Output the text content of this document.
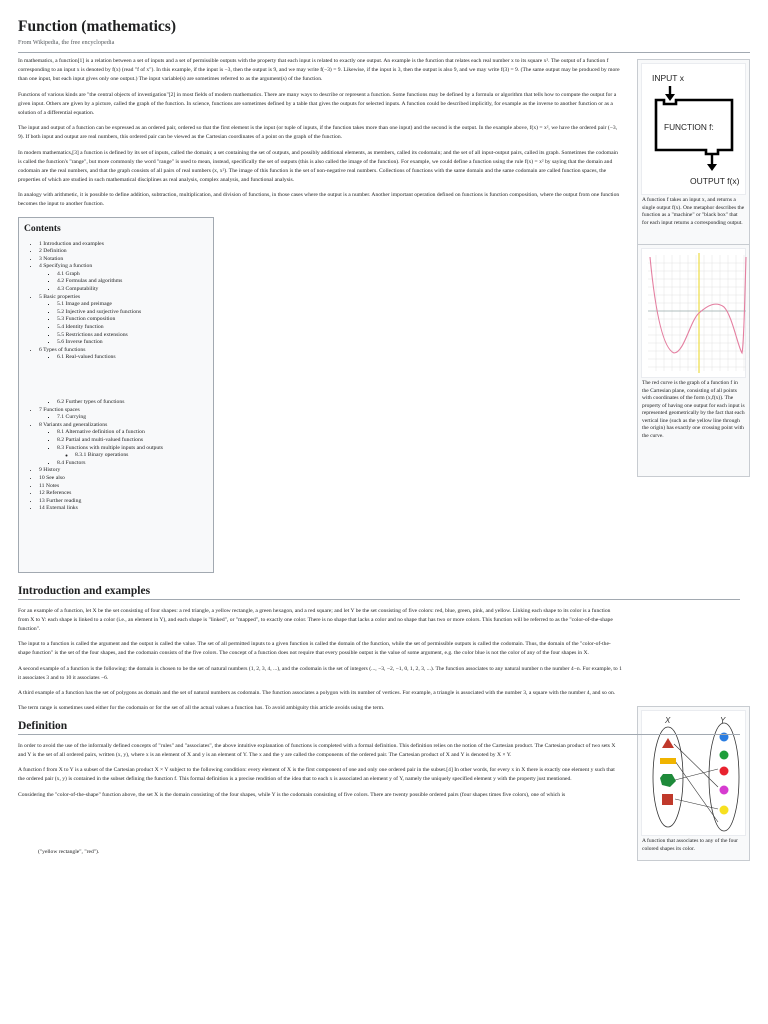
Function (mathematics)
From Wikipedia, the free encyclopedia
INPUT x
FUNCTION f:
OUTPUT f(x)
A function f takes an input x, and returns a single output f(x). One metaphor describes the function as a "machine" or "black box" that for each input returns a corresponding output.
The red curve is the graph of a function f in the Cartesian plane, consisting of all points with coordinates of the form (x,f(x)). The property of having one output for each input is represented geometrically by the fact that each vertical line (such as the yellow line through the origin) has exactly one crossing point with the curve.
X	Y
A function that associates to any of the four colored shapes its color.

In mathematics, a function[1] is a relation between a set of inputs and a set of permissible outputs with the property that each input is related to exactly one output. An example is the function that relates each real number x to its square x². The output of a function f corresponding to an input x is denoted by f(x) (read "f of x"). In this example, if the input is −3, then the output is 9, and we may write f(−3) = 9. Likewise, if the input is 3, then the output is also 9, and we may write f(3) = 9. (The same output may be produced by more than one input, but each input gives only one output.) The input variable(s) are sometimes referred to as the argument(s) of the function.

Functions of various kinds are "the central objects of investigation"[2] in most fields of modern mathematics. There are many ways to describe or represent a function. Some functions may be defined by a formula or algorithm that tells how to compute the output for a given input. Others are given by a picture, called the graph of the function. In science, functions are sometimes defined by a table that gives the outputs for selected inputs. A function could be described implicitly, for example as the inverse to another function or as a solution of a differential equation.

The input and output of a function can be expressed as an ordered pair, ordered so that the first element is the input (or tuple of inputs, if the function takes more than one input) and the second is the output. In the example above, f(x) = x², we have the ordered pair (−3, 9). If both input and output are real numbers, this ordered pair can be viewed as the Cartesian coordinates of a point on the graph of the function.

In modern mathematics,[3] a function is defined by its set of inputs, called the domain; a set containing the set of outputs, and possibly additional elements, as members, called its codomain; and the set of all input-output pairs, called its graph. Sometimes the codomain is called the function's "range", but more commonly the word "range" is used to mean, instead, specifically the set of outputs (this is also called the image of the function). For example, we could define a function using the rule f(x) = x² by saying that the domain and codomain are the real numbers, and that the graph consists of all pairs of real numbers (x, x²). The image of this function is the set of non-negative real numbers. Collections of functions with the same domain and the same codomain are called function spaces, the properties of which are studied in such mathematical disciplines as real analysis, complex analysis, and functional analysis.

In analogy with arithmetic, it is possible to define addition, subtraction, multiplication, and division of functions, in those cases where the output is a number. Another important operation defined on functions is function composition, where the output from one function becomes the input to another function.

Contents
• 1 Introduction and examples
• 2 Definition
• 3 Notation
• 4 Specifying a function
▪ 4.1 Graph
▪ 4.2 Formulas and algorithms
▪ 4.3 Computability
• 5 Basic properties
▪ 5.1 Image and preimage
▪ 5.2 Injective and surjective functions
▪ 5.3 Function composition
▪ 5.4 Identity function
▪ 5.5 Restrictions and extensions
▪ 5.6 Inverse function
• 6 Types of functions
▪ 6.1 Real-valued functions
▪ 6.2 Further types of functions
• 7 Function spaces
▪ 7.1 Currying
• 8 Variants and generalizations
▪ 8.1 Alternative definition of a function
▪ 8.2 Partial and multi-valued functions
▪ 8.3 Functions with multiple inputs and outputs
◦ 8.3.1 Binary operations
▪ 8.4 Functors
• 9 History
• 10 See also
• 11 Notes
• 12 References
• 13 Further reading
• 14 External links
Introduction and examples

For an example of a function, let X be the set consisting of four shapes: a red triangle, a yellow rectangle, a green hexagon, and a red square; and let Y be the set consisting of five colors: red, blue, green, pink, and yellow. Linking each shape to its color is a function from X to Y: each shape is linked to a color (i.e., an element in Y), and each shape is "linked", or "mapped", to exactly one color. There is no shape that lacks a color and no shape that has two or more colors. This function will be referred to as the "color-of-the-shape function".

The input to a function is called the argument and the output is called the value. The set of all permitted inputs to a given function is called the domain of the function, while the set of permissible outputs is called the codomain. Thus, the domain of the "color-of-the-shape function" is the set of the four shapes, and the codomain consists of the five colors. The concept of a function does not require that every possible output is the value of some argument, e.g. the color blue is not the color of any of the four shapes in X.

A second example of a function is the following: the domain is chosen to be the set of natural numbers (1, 2, 3, 4, ...), and the codomain is the set of integers (..., −3, −2, −1, 0, 1, 2, 3, ...). The function associates to any natural number n the number 4−n. For example, to 1 it associates 3 and to 10 it associates −6.

A third example of a function has the set of polygons as domain and the set of natural numbers as codomain. The function associates a polygon with its number of vertices. For example, a triangle is associated with the number 3, a square with the number 4, and so on.

The term range is sometimes used either for the codomain or for the set of all the actual values a function has. To avoid ambiguity this article avoids using the term.

Definition

In order to avoid the use of the informally defined concepts of "rules" and "associates", the above intuitive explanation of functions is completed with a formal definition. This definition relies on the notion of the Cartesian product. The Cartesian product of two sets X and Y is the set of all ordered pairs, written (x, y), where x is an element of X and y is an element of Y. The x and the y are called the components of the ordered pair. The Cartesian product of X and Y is denoted by X × Y.

A function f from X to Y is a subset of the Cartesian product X × Y subject to the following condition: every element of X is the first component of one and only one ordered pair in the subset.[4] In other words, for every x in X there is exactly one element y such that the ordered pair (x, y) is contained in the subset defining the function f. This formal definition is a precise rendition of the idea that to each x is associated an element y of Y, namely the uniquely specified element y with the property just mentioned.

Considering the "color-of-the-shape" function above, the set X is the domain consisting of the four shapes, while Y is the codomain consisting of five colors. There are twenty possible ordered pairs (four shapes times five colors), one of which is

("yellow rectangle", "red").
